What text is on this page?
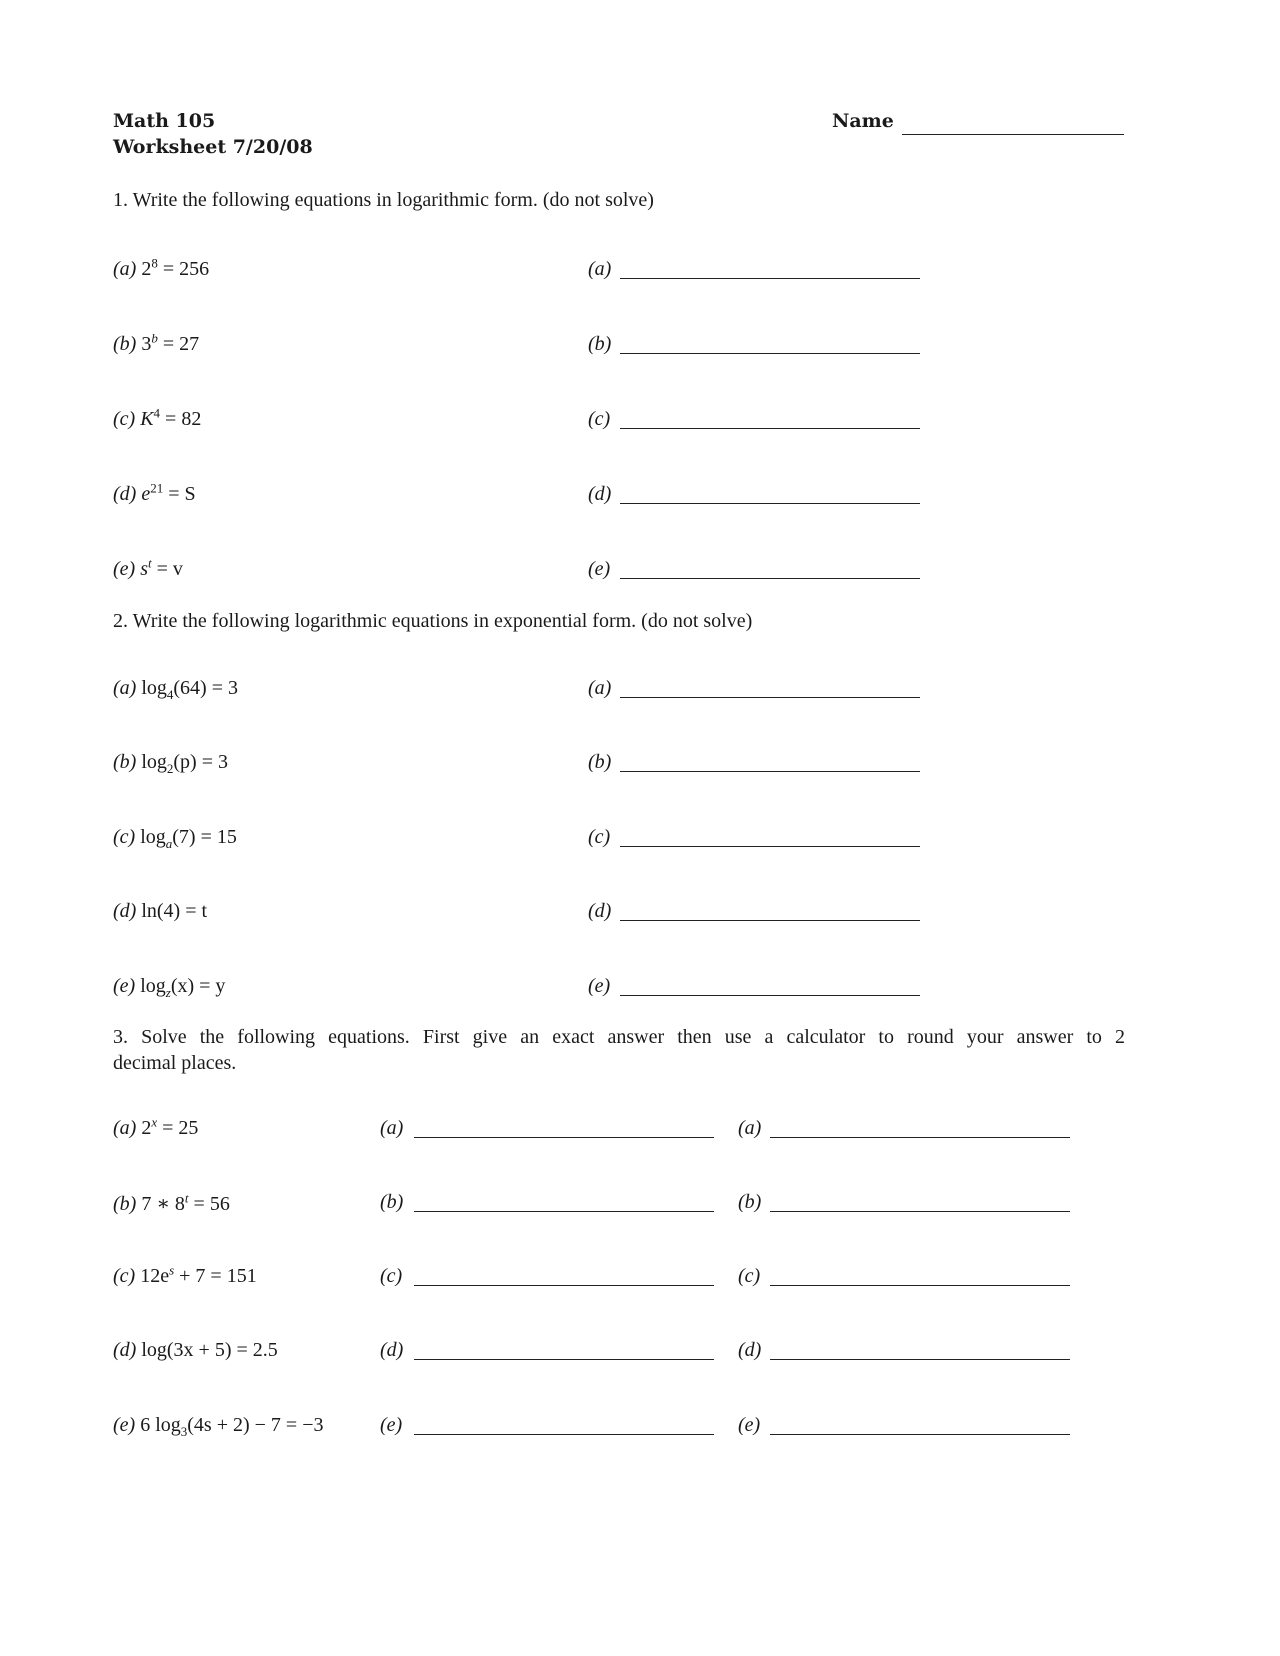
Math 105
Worksheet 7/20/08
Name
1. Write the following equations in logarithmic form. (do not solve)
(a) $2^8 = 256$	(a)
(b) $3^b = 27$	(b)
(c) $K^4 = 82$	(c)
(d) $e^{21} = S$	(d)
(e) $s^t = v$	(e)
2. Write the following logarithmic equations in exponential form. (do not solve)
(a) $\log_4(64) = 3$	(a)
(b) $\log_2(p) = 3$	(b)
(c) $\log_a(7) = 15$	(c)
(d) ln(4) = t	(d)
(e) $\log_z(x) = y$	(e)
3. Solve the following equations. First give an exact answer then use a calculator to round your answer to 2
decimal places.
(a) $2^x = 25$	(a)	(a)
(b) 7 ∗ $8^t = 56$	(b)	(b)
(c) $12e^s + 7 = 151$	(c)	(c)
(d) log(3x + 5) = 2.5	(d)	(d)
(e) 6 $\log_3(4s + 2) - 7 = -3$	(e)	(e)
